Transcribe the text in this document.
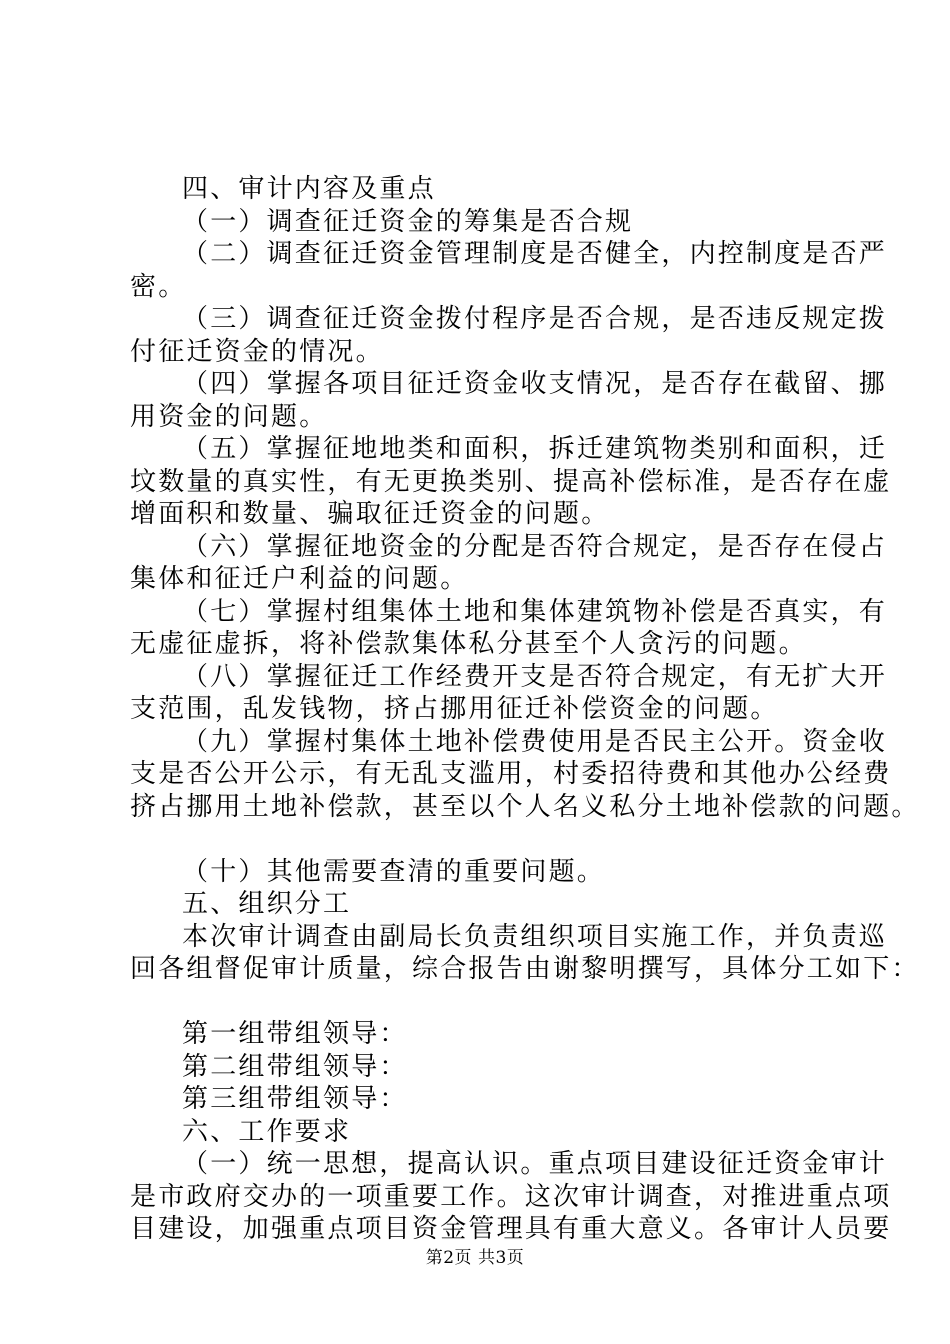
四、审计内容及重点
（一）调查征迁资金的筹集是否合规
（二）调查征迁资金管理制度是否健全，内控制度是否严
密。
（三）调查征迁资金拨付程序是否合规，是否违反规定拨
付征迁资金的情况。
（四）掌握各项目征迁资金收支情况，是否存在截留、挪
用资金的问题。
（五）掌握征地地类和面积，拆迁建筑物类别和面积，迁
坟数量的真实性，有无更换类别、提高补偿标准，是否存在虚
增面积和数量、骗取征迁资金的问题。
（六）掌握征地资金的分配是否符合规定，是否存在侵占
集体和征迁户利益的问题。
（七）掌握村组集体土地和集体建筑物补偿是否真实，有
无虚征虚拆，将补偿款集体私分甚至个人贪污的问题。
（八）掌握征迁工作经费开支是否符合规定，有无扩大开
支范围，乱发钱物，挤占挪用征迁补偿资金的问题。
（九）掌握村集体土地补偿费使用是否民主公开。资金收
支是否公开公示，有无乱支滥用，村委招待费和其他办公经费
挤占挪用土地补偿款，甚至以个人名义私分土地补偿款的问题。
（十）其他需要查清的重要问题。
五、组织分工
本次审计调查由副局长负责组织项目实施工作，并负责巡
回各组督促审计质量，综合报告由谢黎明撰写，具体分工如下：
第一组带组领导：
第二组带组领导：
第三组带组领导：
六、工作要求
（一）统一思想，提高认识。重点项目建设征迁资金审计
是市政府交办的一项重要工作。这次审计调查，对推进重点项
目建设，加强重点项目资金管理具有重大意义。各审计人员要
第2页 共3页
